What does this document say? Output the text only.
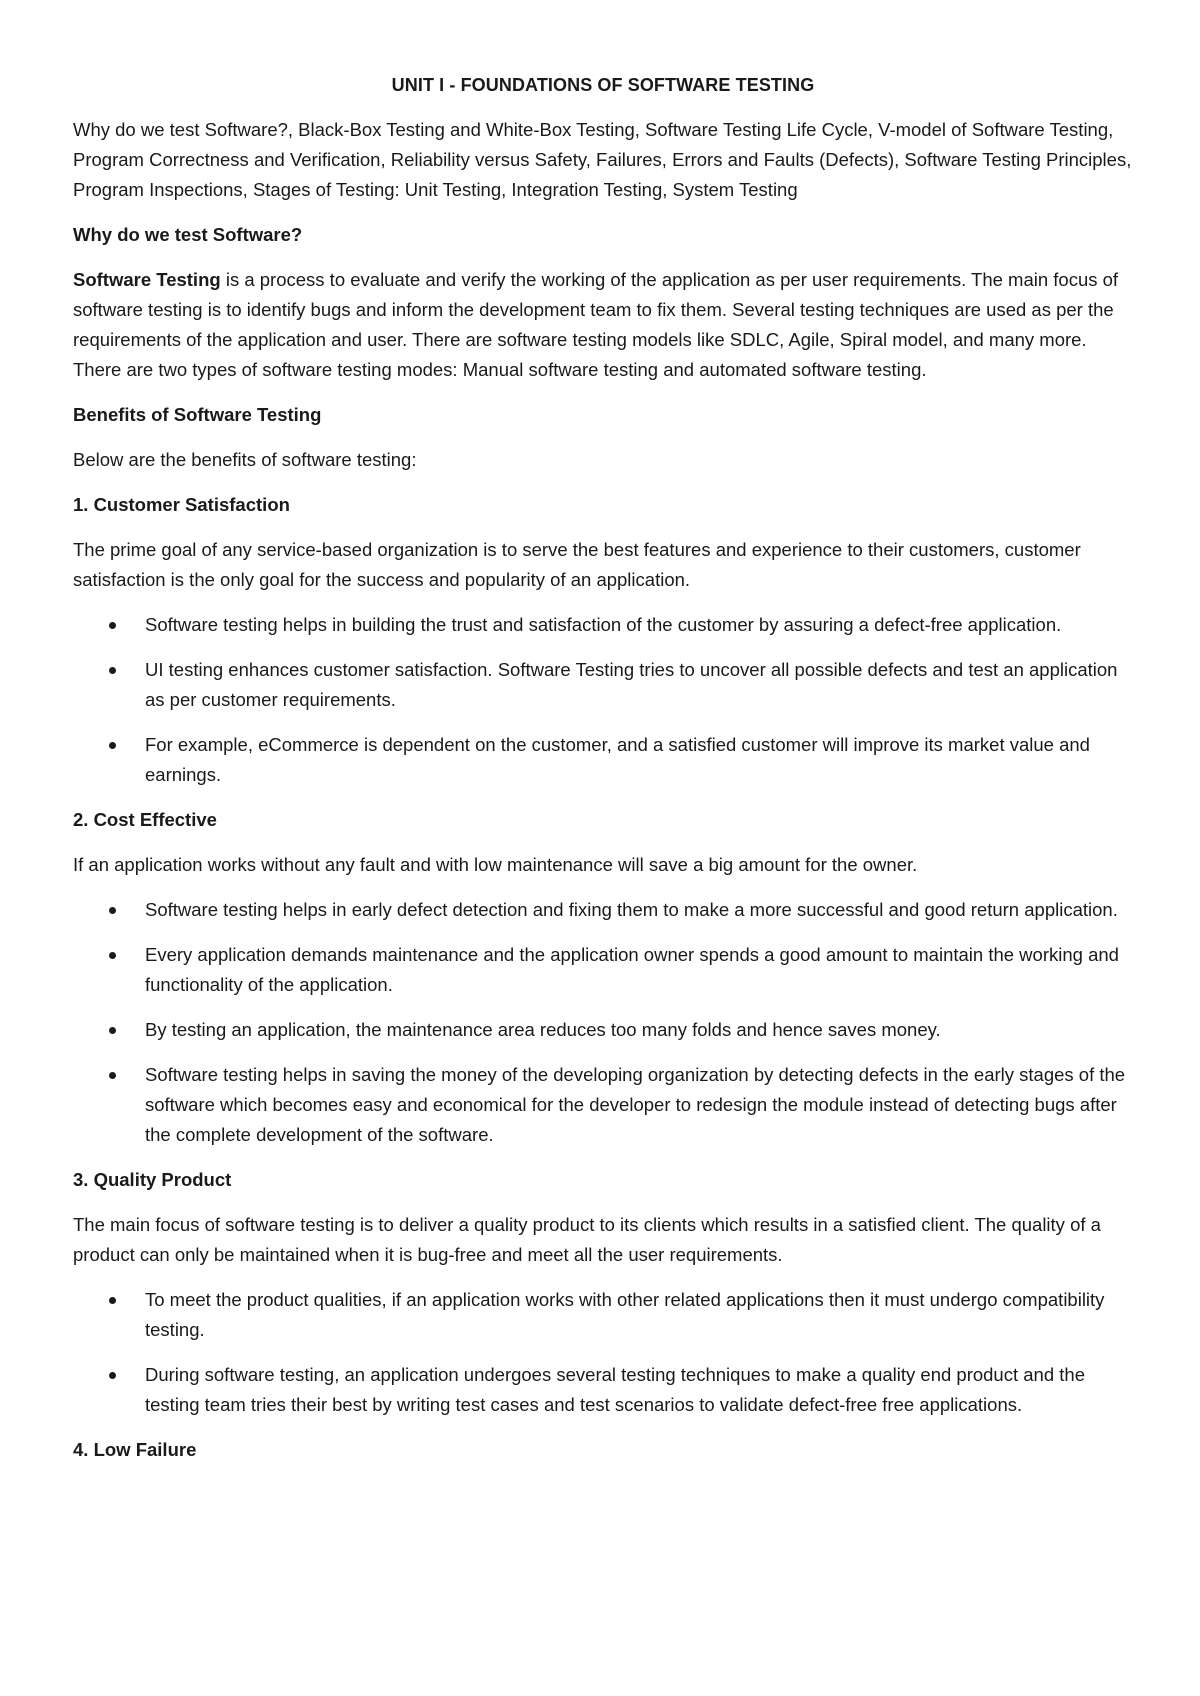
UNIT I - FOUNDATIONS OF SOFTWARE TESTING

Why do we test Software?, Black-Box Testing and White-Box Testing, Software Testing Life Cycle, V-model of Software Testing, Program Correctness and Verification, Reliability versus Safety, Failures, Errors and Faults (Defects), Software Testing Principles, Program Inspections, Stages of Testing: Unit Testing, Integration Testing, System Testing

Why do we test Software?

Software Testing is a process to evaluate and verify the working of the application as per user requirements. The main focus of software testing is to identify bugs and inform the development team to fix them. Several testing techniques are used as per the requirements of the application and user. There are software testing models like SDLC, Agile, Spiral model, and many more. There are two types of software testing modes: Manual software testing and automated software testing.

Benefits of Software Testing

Below are the benefits of software testing:

1. Customer Satisfaction

The prime goal of any service-based organization is to serve the best features and experience to their customers, customer satisfaction is the only goal for the success and popularity of an application.

Software testing helps in building the trust and satisfaction of the customer by assuring a defect-free application.
UI testing enhances customer satisfaction. Software Testing tries to uncover all possible defects and test an application as per customer requirements.
For example, eCommerce is dependent on the customer, and a satisfied customer will improve its market value and earnings.

2. Cost Effective

If an application works without any fault and with low maintenance will save a big amount for the owner.

Software testing helps in early defect detection and fixing them to make a more successful and good return application.
Every application demands maintenance and the application owner spends a good amount to maintain the working and functionality of the application.
By testing an application, the maintenance area reduces too many folds and hence saves money.
Software testing helps in saving the money of the developing organization by detecting defects in the early stages of the software which becomes easy and economical for the developer to redesign the module instead of detecting bugs after the complete development of the software.

3. Quality Product

The main focus of software testing is to deliver a quality product to its clients which results in a satisfied client. The quality of a product can only be maintained when it is bug-free and meet all the user requirements.

To meet the product qualities, if an application works with other related applications then it must undergo compatibility testing.
During software testing, an application undergoes several testing techniques to make a quality end product and the testing team tries their best by writing test cases and test scenarios to validate defect-free free applications.

4. Low Failure
